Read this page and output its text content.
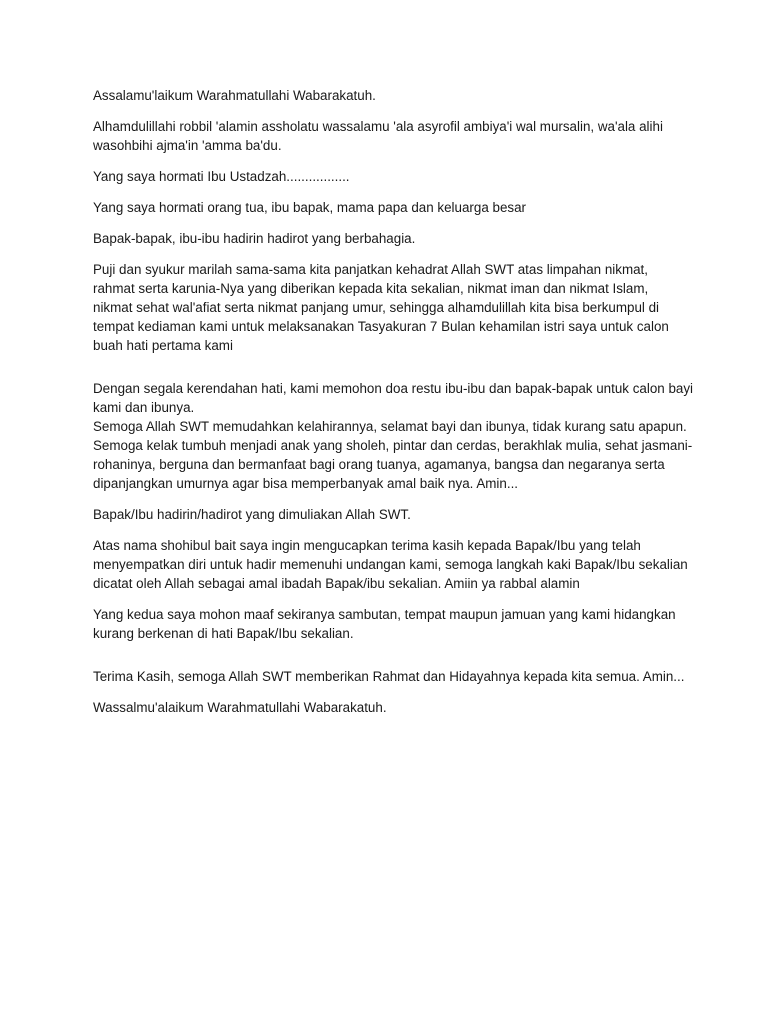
Assalamu'laikum Warahmatullahi Wabarakatuh.

Alhamdulillahi robbil 'alamin assholatu wassalamu 'ala asyrofil ambiya'i wal mursalin, wa'ala alihi
wasohbihi ajma'in 'amma ba'du.

Yang saya hormati Ibu Ustadzah.................

Yang saya hormati orang tua, ibu bapak, mama papa dan keluarga besar

Bapak-bapak, ibu-ibu hadirin hadirot yang berbahagia.

Puji dan syukur marilah sama-sama kita panjatkan kehadrat Allah SWT atas limpahan nikmat,
rahmat serta karunia-Nya yang diberikan kepada kita sekalian, nikmat iman dan nikmat Islam,
nikmat sehat wal'afiat serta nikmat panjang umur, sehingga alhamdulillah kita bisa berkumpul di
tempat kediaman kami untuk melaksanakan Tasyakuran 7 Bulan kehamilan istri saya untuk calon
buah hati pertama kami

Dengan segala kerendahan hati, kami memohon doa restu ibu-ibu dan bapak-bapak untuk calon bayi
kami dan ibunya.
Semoga Allah SWT memudahkan kelahirannya, selamat bayi dan ibunya, tidak kurang satu apapun.
Semoga kelak tumbuh menjadi anak yang sholeh, pintar dan cerdas, berakhlak mulia, sehat jasmani-
rohaninya, berguna dan bermanfaat bagi orang tuanya, agamanya, bangsa dan negaranya serta
dipanjangkan umurnya agar bisa memperbanyak amal baik nya. Amin...

Bapak/Ibu hadirin/hadirot yang dimuliakan Allah SWT.

Atas nama shohibul bait saya ingin mengucapkan terima kasih kepada Bapak/Ibu yang telah
menyempatkan diri untuk hadir memenuhi undangan kami, semoga langkah kaki Bapak/Ibu sekalian
dicatat oleh Allah sebagai amal ibadah Bapak/ibu sekalian. Amiin ya rabbal alamin

Yang kedua saya mohon maaf sekiranya sambutan, tempat maupun jamuan yang kami hidangkan
kurang berkenan di hati Bapak/Ibu sekalian.

Terima Kasih, semoga Allah SWT memberikan Rahmat dan Hidayahnya kepada kita semua. Amin...

Wassalmu'alaikum Warahmatullahi Wabarakatuh.
